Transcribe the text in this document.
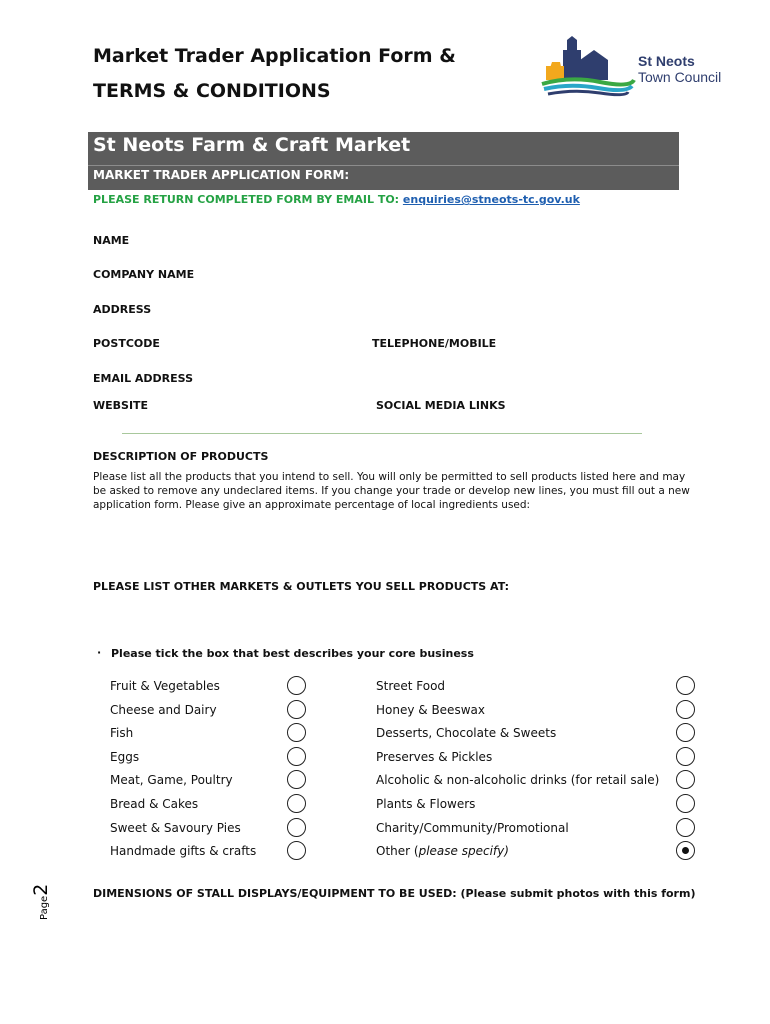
Market Trader Application Form &
TERMS & CONDITIONS
St Neots
Town Council
St Neots Farm & Craft Market
MARKET TRADER APPLICATION FORM:
PLEASE RETURN COMPLETED FORM BY EMAIL TO: enquiries@stneots-tc.gov.uk
NAME
COMPANY NAME
ADDRESS
POSTCODE	TELEPHONE/MOBILE
EMAIL ADDRESS
WEBSITE	SOCIAL MEDIA LINKS
DESCRIPTION OF PRODUCTS
Please list all the products that you intend to sell. You will only be permitted to sell products listed here and may
be asked to remove any undeclared items. If you change your trade or develop new lines, you must fill out a new
application form. Please give an approximate percentage of local ingredients used:
PLEASE LIST OTHER MARKETS & OUTLETS YOU SELL PRODUCTS AT:
· Please tick the box that best describes your core business
Fruit & Vegetables
Cheese and Dairy
Fish
Eggs
Meat, Game, Poultry
Bread & Cakes
Sweet & Savoury Pies
Handmade gifts & crafts
Street Food
Honey & Beeswax
Desserts, Chocolate & Sweets
Preserves & Pickles
Alcoholic & non-alcoholic drinks (for retail sale)
Plants & Flowers
Charity/Community/Promotional
Other (please specify)
DIMENSIONS OF STALL DISPLAYS/EQUIPMENT TO BE USED: (Please submit photos with this form)
Page2
